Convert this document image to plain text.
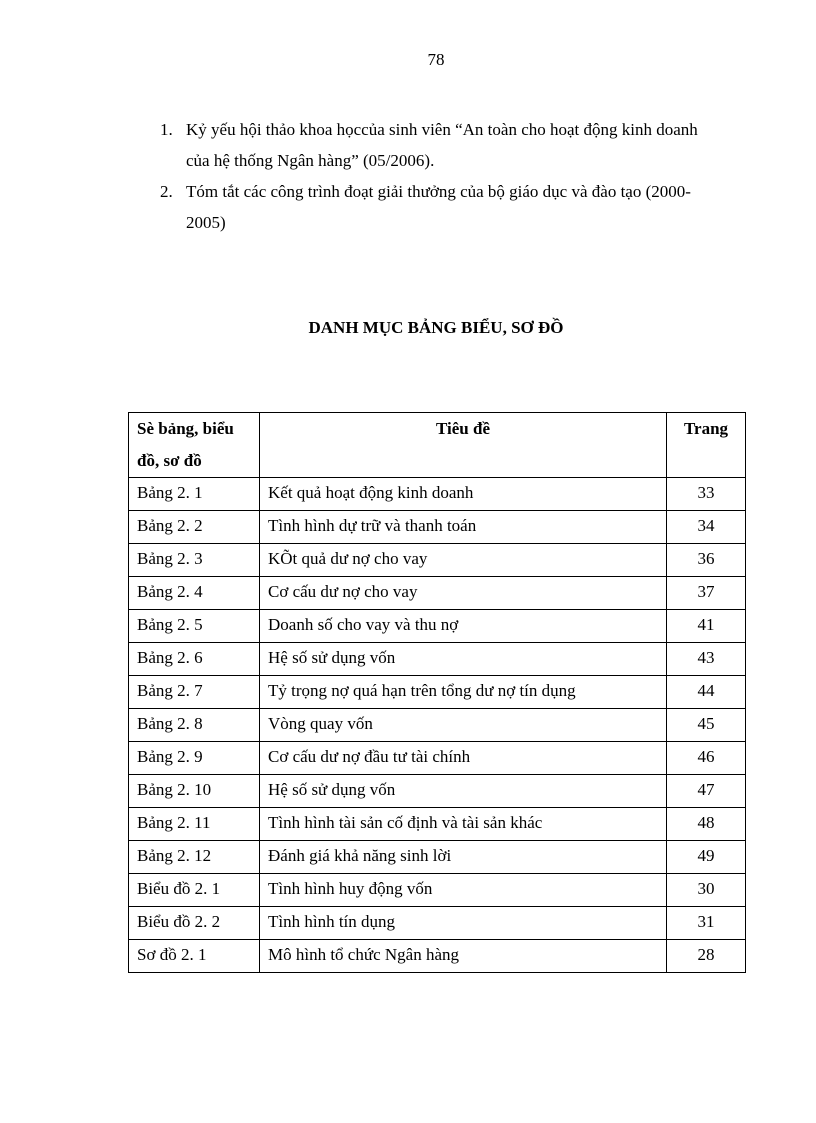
78

1. Kỷ yếu hội thảo khoa họccủa sinh viên “An toàn cho hoạt động kinh doanh của hệ thống Ngân hàng” (05/2006).

2. Tóm tắt các công trình đoạt giải thưởng của bộ giáo dục và đào tạo (2000-2005)

DANH MỤC BẢNG BIỂU, SƠ ĐỒ
Sè bảng, biểu đồ, sơ đồ	Tiêu đề	Trang
Bảng 2. 1	Kết quả hoạt động kinh doanh	33
Bảng 2. 2	Tình hình dự trữ và thanh toán	34
Bảng 2. 3	KÕt quả dư nợ cho vay	36
Bảng 2. 4	Cơ cấu dư nợ cho vay	37
Bảng 2. 5	Doanh số cho vay và thu nợ	41
Bảng 2. 6	Hệ số sử dụng vốn	43
Bảng 2. 7	Tỷ trọng nợ quá hạn trên tổng dư nợ tín dụng	44
Bảng 2. 8	Vòng quay vốn	45
Bảng 2. 9	Cơ cấu dư nợ đầu tư tài chính	46
Bảng 2. 10	Hệ số sử dụng vốn	47
Bảng 2. 11	Tình hình tài sản cố định và tài sản khác	48
Bảng 2. 12	Đánh giá khả năng sinh lời	49
Biểu đồ 2. 1	Tình hình huy động vốn	30
Biểu đồ 2. 2	Tình hình tín dụng	31
Sơ đồ 2. 1	Mô hình tổ chức Ngân hàng	28
